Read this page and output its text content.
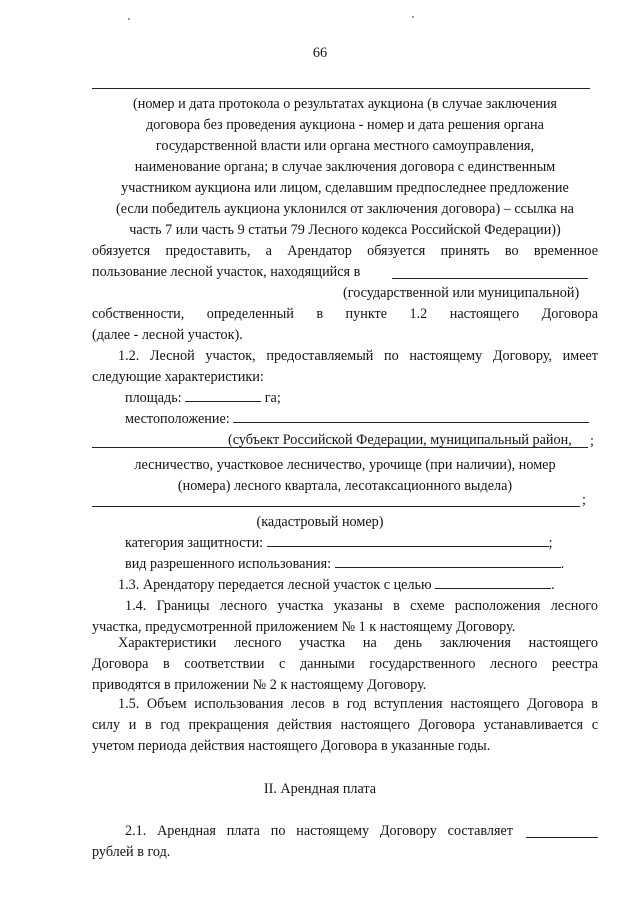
66
(номер и дата протокола о результатах аукциона (в случае заключения
договора без проведения аукциона - номер и дата решения органа
государственной власти или органа местного самоуправления,
наименование органа; в случае заключения договора с единственным
участником аукциона или лицом, сделавшим предпоследнее предложение
(если победитель аукциона уклонился от заключения договора) – ссылка на
часть 7 или часть 9 статьи 79 Лесного кодекса Российской Федерации))
обязуется предоставить, а Арендатор обязуется принять во временное
пользование лесной участок, находящийся в
(государственной или муниципальной)
собственности, определенный в пункте 1.2 настоящего Договора
(далее - лесной участок).
1.2. Лесной участок, предоставляемый по настоящему Договору, имеет
следующие характеристики:
площадь:	га;
местоположение:
(субъект Российской Федерации, муниципальный район, ;
лесничество, участковое лесничество, урочище (при наличии), номер
(номера) лесного квартала, лесотаксационного выдела)
;
(кадастровый номер)
категория защитности:	;
вид разрешенного использования:	.
1.3. Арендатору передается лесной участок с целью	.
1.4. Границы лесного участка указаны в схеме расположения лесного
участка, предусмотренной приложением № 1 к настоящему Договору.
Характеристики лесного участка на день заключения настоящего
Договора в соответствии с данными государственного лесного реестра
приводятся в приложении № 2 к настоящему Договору.
1.5. Объем использования лесов в год вступления настоящего Договора в
силу и в год прекращения действия настоящего Договора устанавливается с
учетом периода действия настоящего Договора в указанные годы.
II. Арендная плата
2.1. Арендная плата по настоящему Договору составляет
рублей в год.
